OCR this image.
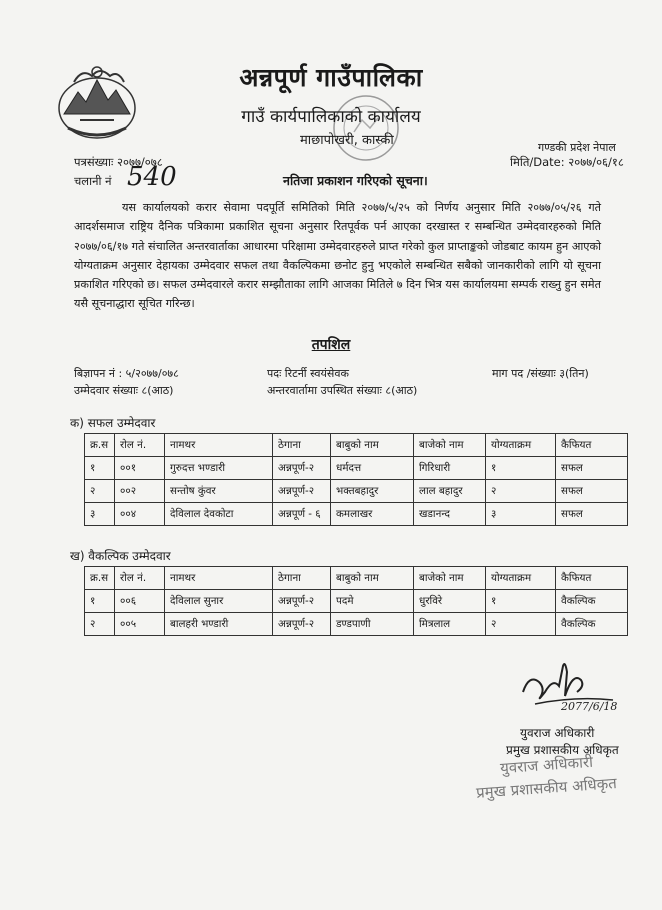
अन्नपूर्ण गाउँपालिका
गाउँ कार्यपालिकाको कार्यालय
माछापोखरी, कास्की	गण्डकी प्रदेश नेपाल
मिति/Date: २०७७/०६/१८
पत्रसंख्याः २०७७/०७८
चलानी नं 540	नतिजा प्रकाशन गरिएको सूचना।
यस कार्यालयको करार सेवामा पदपूर्ति समितिको मिति २०७७/५/२५ को निर्णय अनुसार मिति २०७७/०५/२६ गते आदर्शसमाज राष्ट्रिय दैनिक पत्रिकामा प्रकाशित सूचना अनुसार रितपूर्वक पर्न आएका दरखास्त र सम्बन्धित उम्मेदवारहरुको मिति २०७७/०६/१७ गते संचालित अन्तरवार्ताका आधारमा परिक्षामा उम्मेदवारहरुले प्राप्त गरेको कुल प्राप्ताङ्कको जोडबाट कायम हुन आएको योग्यताक्रम अनुसार देहायका उम्मेदवार सफल तथा वैकल्पिकमा छनोट हुनु भएकोले सम्बन्धित सबैको जानकारीको लागि यो सूचना प्रकाशित गरिएको छ। सफल उम्मेदवारले करार सम्झौताका लागि आजका मितिले ७ दिन भित्र यस कार्यालयमा सम्पर्क राख्नु हुन समेत यसै सूचनाद्धारा सूचित गरिन्छ।
तपशिल
बिज्ञापन नं : ५/२०७७/०७८	पदः रिटर्नी स्वयंसेवक	माग पद /संख्याः ३(तिन)
उम्मेदवार संख्याः ८(आठ)	अन्तरवार्तामा उपस्थित संख्याः ८(आठ)
क) सफल उम्मेदवार
क्र.स	रोल नं.	नामथर	ठेगाना	बाबुको नाम	बाजेको नाम	योग्यताक्रम	कैफियत
१	००१	गुरुदत्त भण्डारी	अन्नपूर्ण-२	धर्मदत्त	गिरिधारी	१	सफल
२	००२	सन्तोष कुंवर	अन्नपूर्ण-२	भक्तबहादुर	लाल बहादुर	२	सफल
३	००४	देविलाल देवकोटा	अन्नपूर्ण - ६	कमलाखर	खडानन्द	३	सफल
ख) वैकल्पिक उम्मेदवार
क्र.स	रोल नं.	नामथर	ठेगाना	बाबुको नाम	बाजेको नाम	योग्यताक्रम	कैफियत
१	००६	देविलाल सुनार	अन्नपूर्ण-२	पदमे	धुरविरे	१	वैकल्पिक
२	००५	बालहरी भण्डारी	अन्नपूर्ण-२	डण्डपाणी	मित्रलाल	२	वैकल्पिक
2077/6/18
युवराज अधिकारी
प्रमुख प्रशासकीय अधिकृत
युवराज अधिकारी
प्रमुख प्रशासकीय अधिकृत
